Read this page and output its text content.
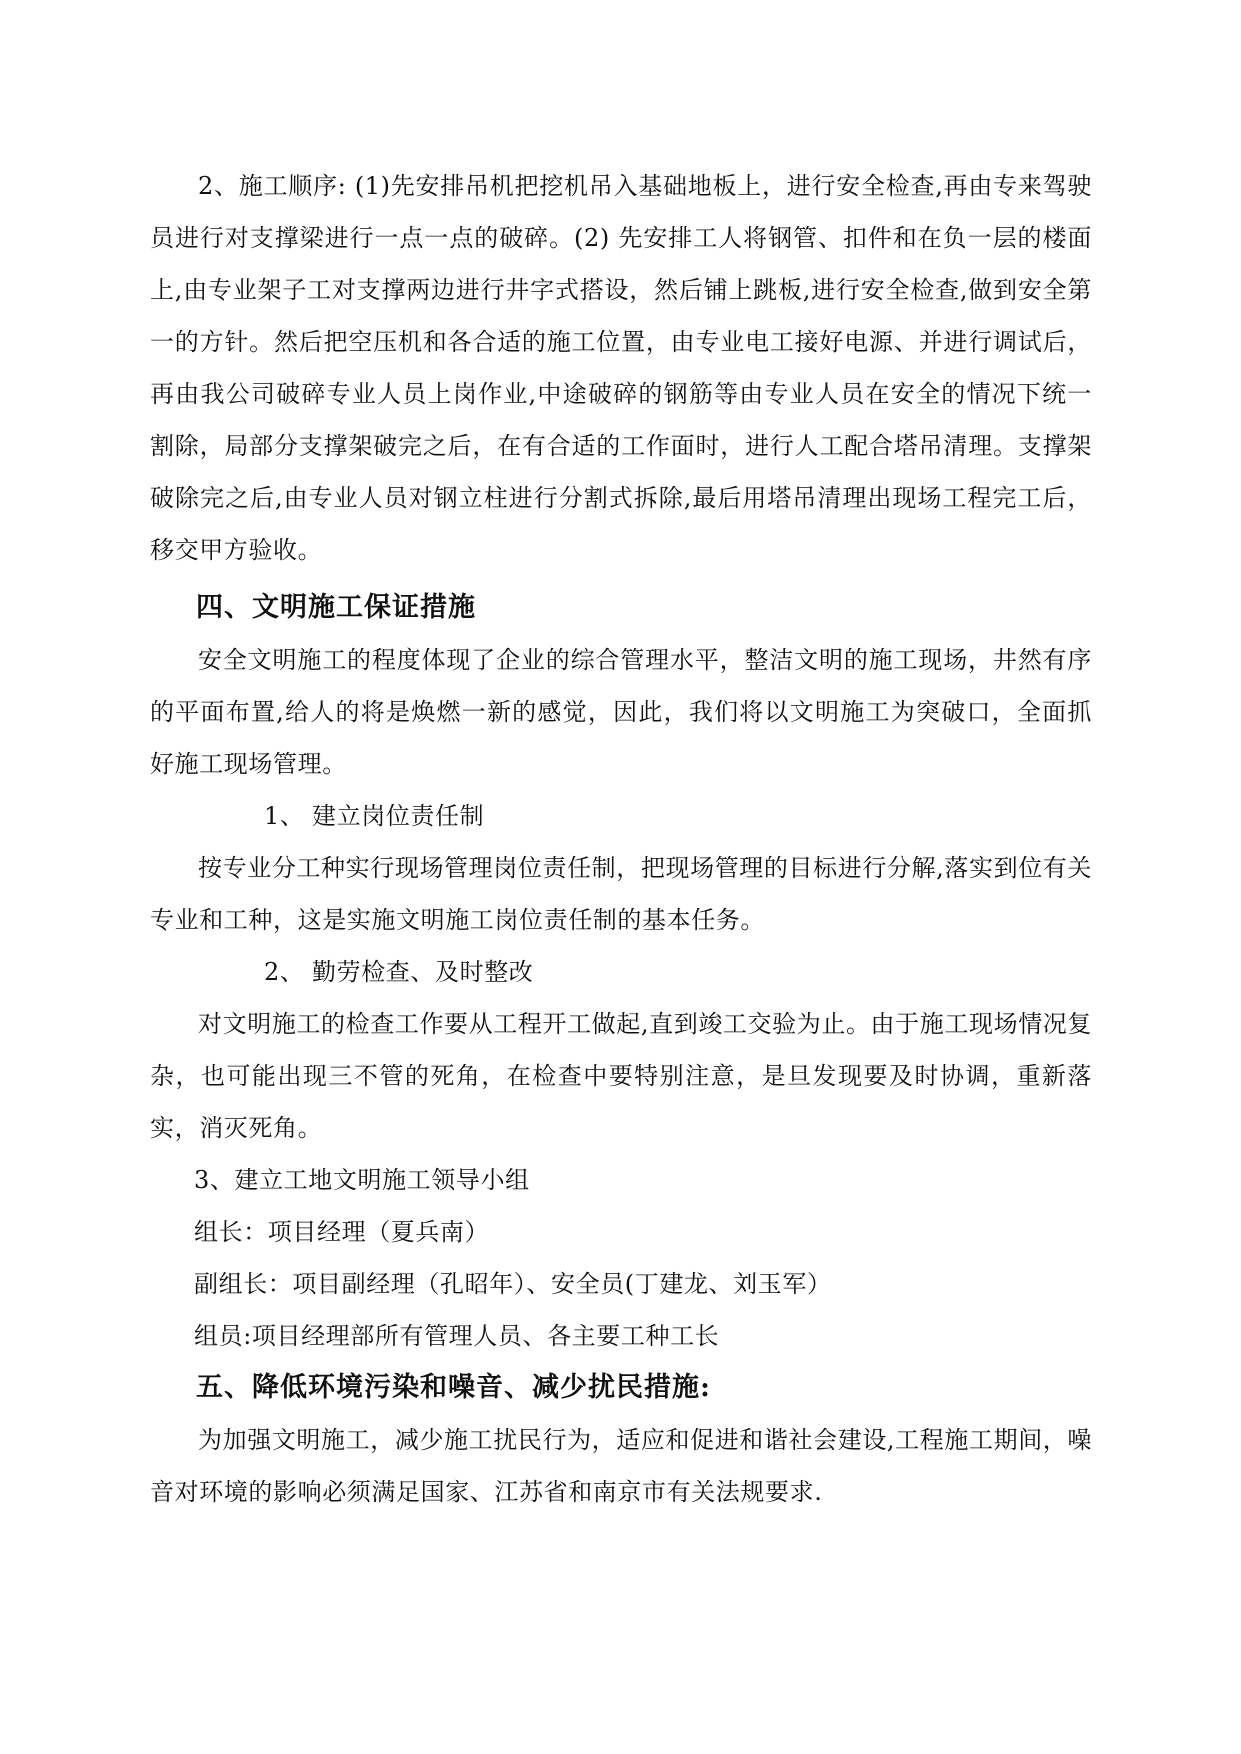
2、施工顺序: (1)先安排吊机把挖机吊入基础地板上，进行安全检查,再由专来驾驶员进行对支撑梁进行一点一点的破碎。(2) 先安排工人将钢管、扣件和在负一层的楼面上,由专业架子工对支撑两边进行井字式搭设，然后铺上跳板,进行安全检查,做到安全第一的方针。然后把空压机和各合适的施工位置，由专业电工接好电源、并进行调试后，再由我公司破碎专业人员上岗作业,中途破碎的钢筋等由专业人员在安全的情况下统一割除，局部分支撑架破完之后，在有合适的工作面时，进行人工配合塔吊清理。支撑架破除完之后,由专业人员对钢立柱进行分割式拆除,最后用塔吊清理出现场工程完工后，移交甲方验收。

四、文明施工保证措施

安全文明施工的程度体现了企业的综合管理水平，整洁文明的施工现场，井然有序的平面布置,给人的将是焕燃一新的感觉，因此，我们将以文明施工为突破口，全面抓好施工现场管理。

1、 建立岗位责任制

按专业分工种实行现场管理岗位责任制，把现场管理的目标进行分解,落实到位有关专业和工种，这是实施文明施工岗位责任制的基本任务。

2、 勤劳检查、及时整改

对文明施工的检查工作要从工程开工做起,直到竣工交验为止。由于施工现场情况复杂，也可能出现三不管的死角，在检查中要特别注意，是旦发现要及时协调，重新落实，消灭死角。

3、建立工地文明施工领导小组

组长：项目经理（夏兵南）

副组长：项目副经理（孔昭年）、安全员(丁建龙、刘玉军）

组员:项目经理部所有管理人员、各主要工种工长

五、降低环境污染和噪音、减少扰民措施:

为加强文明施工，减少施工扰民行为，适应和促进和谐社会建设,工程施工期间，噪音对环境的影响必须满足国家、江苏省和南京市有关法规要求.
